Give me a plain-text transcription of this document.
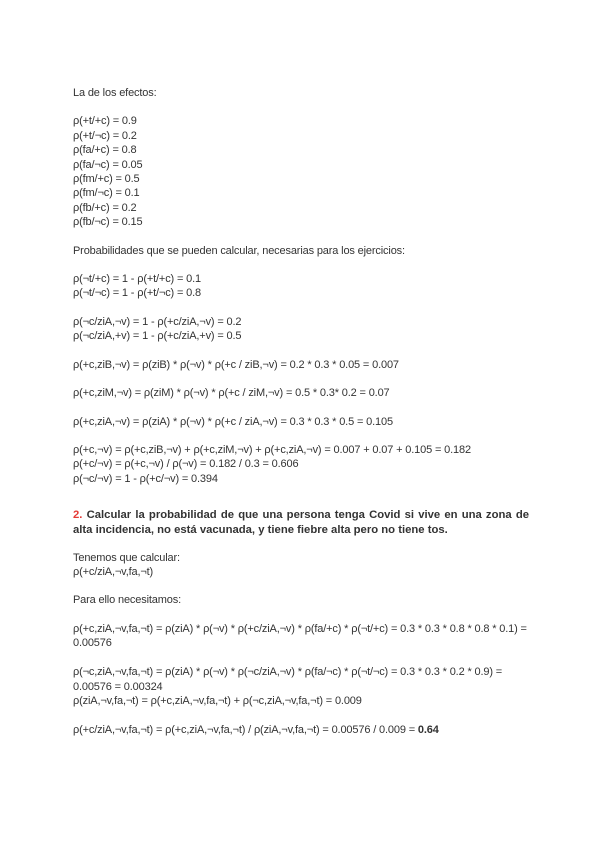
La de los efectos:
ρ(+t/+c) = 0.9
ρ(+t/¬c) = 0.2
ρ(fa/+c) = 0.8
ρ(fa/¬c) = 0.05
ρ(fm/+c) = 0.5
ρ(fm/¬c) = 0.1
ρ(fb/+c) = 0.2
ρ(fb/¬c) = 0.15
Probabilidades que se pueden calcular, necesarias para los ejercicios:
ρ(¬t/+c) = 1 - ρ(+t/+c) = 0.1
ρ(¬t/¬c) = 1 - ρ(+t/¬c) = 0.8
ρ(¬c/ziA,¬v) = 1 - ρ(+c/ziA,¬v) = 0.2
ρ(¬c/ziA,+v) = 1 - ρ(+c/ziA,+v) = 0.5
ρ(+c,ziB,¬v) = ρ(ziB) * ρ(¬v) * ρ(+c / ziB,¬v) = 0.2 * 0.3 * 0.05 = 0.007
ρ(+c,ziM,¬v) = ρ(ziM) * ρ(¬v) * ρ(+c / ziM,¬v) = 0.5 * 0.3* 0.2 = 0.07
ρ(+c,ziA,¬v) = ρ(ziA) * ρ(¬v) * ρ(+c / ziA,¬v) = 0.3 * 0.3 * 0.5 = 0.105
ρ(+c,¬v) = ρ(+c,ziB,¬v) + ρ(+c,ziM,¬v) + ρ(+c,ziA,¬v) = 0.007 + 0.07 + 0.105 = 0.182
ρ(+c/¬v) = ρ(+c,¬v) / ρ(¬v) = 0.182 / 0.3 = 0.606
ρ(¬c/¬v) = 1 - ρ(+c/¬v) = 0.394
2. Calcular la probabilidad de que una persona tenga Covid si vive en una zona de alta incidencia, no está vacunada, y tiene fiebre alta pero no tiene tos.
Tenemos que calcular:
ρ(+c/ziA,¬v,fa,¬t)
Para ello necesitamos:
ρ(+c,ziA,¬v,fa,¬t) = ρ(ziA) * ρ(¬v) * ρ(+c/ziA,¬v) * ρ(fa/+c) * ρ(¬t/+c) = 0.3 * 0.3 * 0.8 * 0.8 * 0.1) = 0.00576
ρ(¬c,ziA,¬v,fa,¬t) = ρ(ziA) * ρ(¬v) * ρ(¬c/ziA,¬v) * ρ(fa/¬c) * ρ(¬t/¬c) = 0.3 * 0.3 * 0.2 * 0.9) = 0.00576 = 0.00324
ρ(ziA,¬v,fa,¬t) = ρ(+c,ziA,¬v,fa,¬t) + ρ(¬c,ziA,¬v,fa,¬t) = 0.009
ρ(+c/ziA,¬v,fa,¬t) = ρ(+c,ziA,¬v,fa,¬t) / ρ(ziA,¬v,fa,¬t) = 0.00576 / 0.009 = 0.64
